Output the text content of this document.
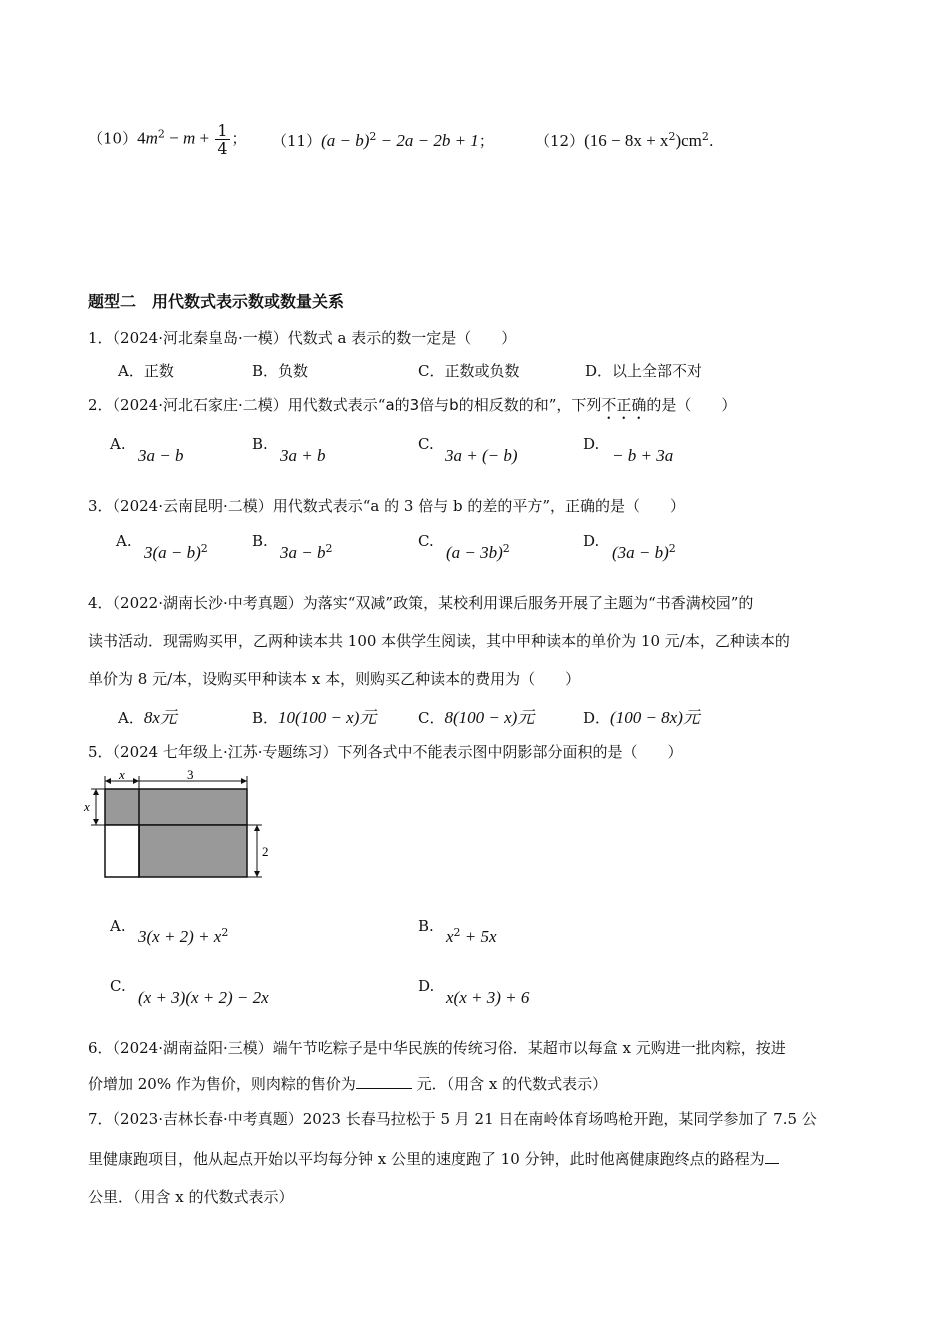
$(10)4m^2 - m + \frac{1}{4}$ ； $(11)(a - b)^2 - 2a - 2b + 1$；	$(12)(16 - 8x + x^2)cm^2$.
题型二　用代数式表示数或数量关系
1．（2024·河北秦皇岛·一模）代数式 a 表示的数一定是（　　）
A．正数	B．负数	C．正数或负数	D．以上全部不对
2．（2024·河北石家庄·二模）用代数式表示“a的3倍与b的相反数的和”，下列不正确的是（　　）
A.
3a − b
B.
3a + b
C.
3a + (− b)
D.
− b + 3a
3．（2024·云南昆明·二模）用代数式表示“a 的 3 倍与 b 的差的平方”，正确的是（　　）
A.
$3(a - b)^2$	B.
$3a - b^2$	C.
$(a - 3b)^2$	D.
$(3a - b)^2$
4．（2022·湖南长沙·中考真题）为落实“双减”政策，某校利用课后服务开展了主题为“书香满校园”的
读书活动．现需购买甲，乙两种读本共 100 本供学生阅读，其中甲种读本的单价为 10 元/本，乙种读本的
单价为 8 元/本，设购买甲种读本 x 本，则购买乙种读本的费用为（　　）
A．8x元	B．10(100 − x)元	C．8(100 − x)元	D．(100 − 8x)元
5．（2024 七年级上·江苏·专题练习）下列各式中不能表示图中阴影部分面积的是（　　）
x	3
x
2
A.
$3(x + 2) + x^2$	B.
$x^2 + 5x$
C.
(x + 3)(x + 2) − 2x
D.
x(x + 3) + 6
6．（2024·湖南益阳·三模）端午节吃粽子是中华民族的传统习俗．某超市以每盒 x 元购进一批肉粽，按进
价增加 20% 作为售价，则肉粽的售价为	元．（用含 x 的代数式表示）
7．（2023·吉林长春·中考真题）2023 长春马拉松于 5 月 21 日在南岭体育场鸣枪开跑，某同学参加了 7.5 公
里健康跑项目，他从起点开始以平均每分钟 x 公里的速度跑了 10 分钟，此时他离健康跑终点的路程为
公里．（用含 x 的代数式表示）
